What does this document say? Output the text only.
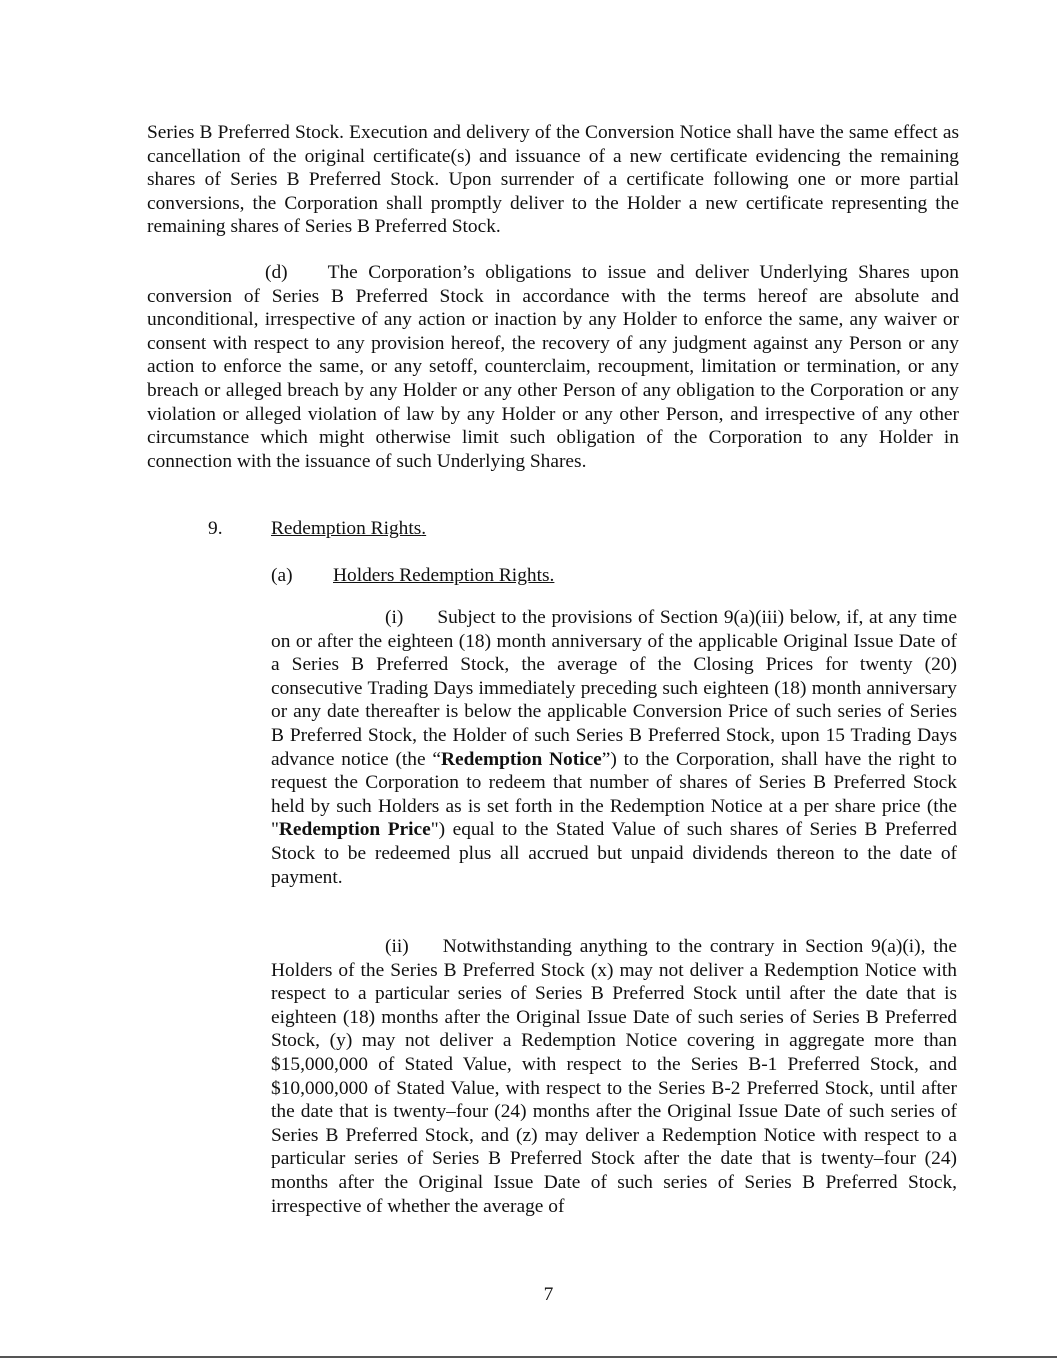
Series B Preferred Stock. Execution and delivery of the Conversion Notice shall have the same effect as cancellation of the original certificate(s) and issuance of a new certificate evidencing the remaining shares of Series B Preferred Stock. Upon surrender of a certificate following one or more partial conversions, the Corporation shall promptly deliver to the Holder a new certificate representing the remaining shares of Series B Preferred Stock.

(d) The Corporation’s obligations to issue and deliver Underlying Shares upon conversion of Series B Preferred Stock in accordance with the terms hereof are absolute and unconditional, irrespective of any action or inaction by any Holder to enforce the same, any waiver or consent with respect to any provision hereof, the recovery of any judgment against any Person or any action to enforce the same, or any setoff, counterclaim, recoupment, limitation or termination, or any breach or alleged breach by any Holder or any other Person of any obligation to the Corporation or any violation or alleged violation of law by any Holder or any other Person, and irrespective of any other circumstance which might otherwise limit such obligation of the Corporation to any Holder in connection with the issuance of such Underlying Shares.

9. Redemption Rights.
(a) Holders Redemption Rights.

(i) Subject to the provisions of Section 9(a)(iii) below, if, at any time on or after the eighteen (18) month anniversary of the applicable Original Issue Date of a Series B Preferred Stock, the average of the Closing Prices for twenty (20) consecutive Trading Days immediately preceding such eighteen (18) month anniversary or any date thereafter is below the applicable Conversion Price of such series of Series B Preferred Stock, the Holder of such Series B Preferred Stock, upon 15 Trading Days advance notice (the “Redemption Notice”) to the Corporation, shall have the right to request the Corporation to redeem that number of shares of Series B Preferred Stock held by such Holders as is set forth in the Redemption Notice at a per share price (the "Redemption Price") equal to the Stated Value of such shares of Series B Preferred Stock to be redeemed plus all accrued but unpaid dividends thereon to the date of payment.

(ii) Notwithstanding anything to the contrary in Section 9(a)(i), the Holders of the Series B Preferred Stock (x) may not deliver a Redemption Notice with respect to a particular series of Series B Preferred Stock until after the date that is eighteen (18) months after the Original Issue Date of such series of Series B Preferred Stock, (y) may not deliver a Redemption Notice covering in aggregate more than $15,000,000 of Stated Value, with respect to the Series B-1 Preferred Stock, and $10,000,000 of Stated Value, with respect to the Series B-2 Preferred Stock, until after the date that is twenty–four (24) months after the Original Issue Date of such series of Series B Preferred Stock, and (z) may deliver a Redemption Notice with respect to a particular series of Series B Preferred Stock after the date that is twenty–four (24) months after the Original Issue Date of such series of Series B Preferred Stock, irrespective of whether the average of

7
